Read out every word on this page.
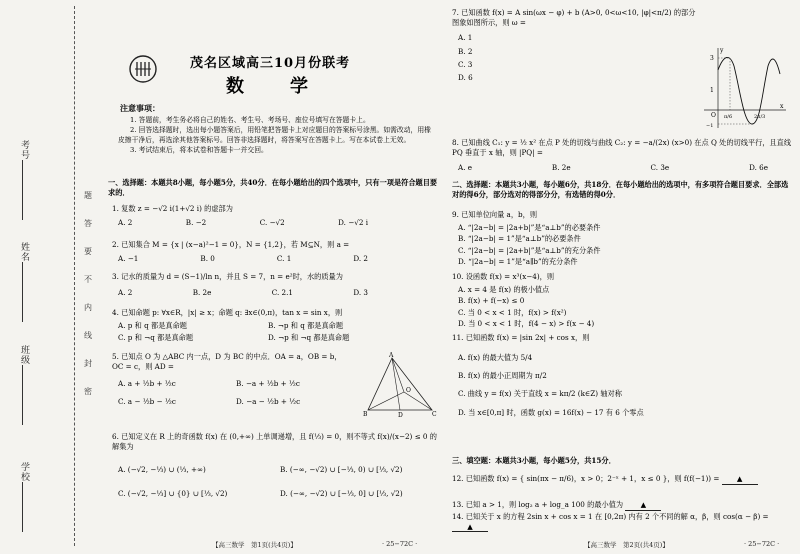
考号
姓名
班级
学校
题
答
要
不
内
线
封
密
茂名区域高三10月份联考
数　学
注意事项：

1. 答题前，考生务必将自己的姓名、考生号、考场号、座位号填写在答题卡上。

2. 回答选择题时，选出每小题答案后，用铅笔把答题卡上对应题目的答案标号涂黑。如需改动，用橡皮擦干净后，再选涂其他答案标号。回答非选择题时，将答案写在答题卡上。写在本试卷上无效。

3. 考试结束后，将本试卷和答题卡一并交回。

一、选择题：本题共8小题，每小题5分，共40分．在每小题给出的四个选项中，只有一项是符合题目要求的．
1. 复数 z = −√2 i(1+√2 i) 的虚部为
A. 2	B. −2	C. −√2	D. −√2 i
2. 已知集合 M = {x | (x−a)²−1 = 0}，N = {1,2}，若 M⊆N，则 a =
A. −1	B. 0	C. 1	D. 2
3. 记水的质量为 d = (S−1)/ln n，并且 S = 7，n = e²时，水的质量为
A. 2	B. 2e	C. 2.1	D. 3
4. 已知命题 p: ∀x∈R，|x| ≥ x；命题 q: ∃x∈(0,π)，tan x = sin x，则
A. p 和 q 都是真命题	B. ¬p 和 q 都是真命题
C. p 和 ¬q 都是真命题	D. ¬p 和 ¬q 都是真命题
5. 已知点 O 为 △ABC 内一点，D 为 BC 的中点．OA = a，OB = b，OC = c，则 AD =
A. a + ½b + ½c	B. −a + ½b + ½c
C. a − ½b − ½c	D. −a − ½b + ½c
A
B	C
D
O
6. 已知定义在 R 上的奇函数 f(x) 在 (0,+∞) 上单调递增，且 f(⅓) = 0，则不等式 f(x)/(x−2) ≤ 0 的解集为
A. (−√2, −⅓) ∪ (⅓, +∞)	B. (−∞, −√2) ∪ [−⅓, 0) ∪ [⅓, √2)
C. (−√2, −⅓] ∪ {0} ∪ [⅓, √2)	D. (−∞, −√2) ∪ [−⅓, 0] ∪ [⅓, √2)
【高三数学　第1页(共4页)】	· 25−72C ·
7. 已知函数 f(x) = A sin(ωx − φ) + b (A>0, 0<ω<10, |φ|<π/2) 的部分图象如图所示，则 ω =
A. 1
B. 2
C. 3
D. 6
y
3
1
O π/6	2π/3
x
−1
8. 已知曲线 C₁: y = ½ x² 在点 P 处的切线与曲线 C₂: y = −a/(2x) (x>0) 在点 Q 处的切线平行，且直线 PQ 垂直于 x 轴，则 |PQ| =
A. e	B. 2e	C. 3e	D. 6e
二、选择题：本题共3小题，每小题6分，共18分．在每小题给出的选项中，有多项符合题目要求．全部选对的得6分，部分选对的得部分分，有选错的得0分．
9. 已知单位向量 a，b，则
A. “|2a−b| = |2a+b|”是“a⊥b”的必要条件
B. “|2a−b| = 1”是“a⊥b”的必要条件
C. “|2a−b| = |2a+b|”是“a⊥b”的充分条件
D. “|2a−b| = 1”是“a∥b”的充分条件
10. 设函数 f(x) = x³(x−4)，则
A. x = 4 是 f(x) 的极小值点
B. f(x) + f(−x) ≤ 0
C. 当 0 < x < 1 时，f(x) > f(x²)
D. 当 0 < x < 1 时，f(4 − x) > f(x − 4)
11. 已知函数 f(x) = |sin 2x| + cos x，则
A. f(x) 的最大值为 5/4
B. f(x) 的最小正周期为 π/2
C. 曲线 y = f(x) 关于直线 x = kπ/2 (k∈Z) 轴对称
D. 当 x∈[0,π] 时，函数 g(x) = 16f(x) − 17 有 6 个零点
三、填空题：本题共3小题，每小题5分，共15分．
12. 已知函数 f(x) = { sin(πx − π/6)，x > 0；2⁻ˣ + 1，x ≤ 0 }，则 f(f(−1)) = ▲
13. 已知 a > 1，则 log₂ a + log_a 100 的最小值为 ▲
14. 已知关于 x 的方程 2sin x + cos x = 1 在 [0,2π) 内有 2 个不同的解 α，β，则 cos(α − β) = ▲
【高三数学　第2页(共4页)】	· 25−72C ·
